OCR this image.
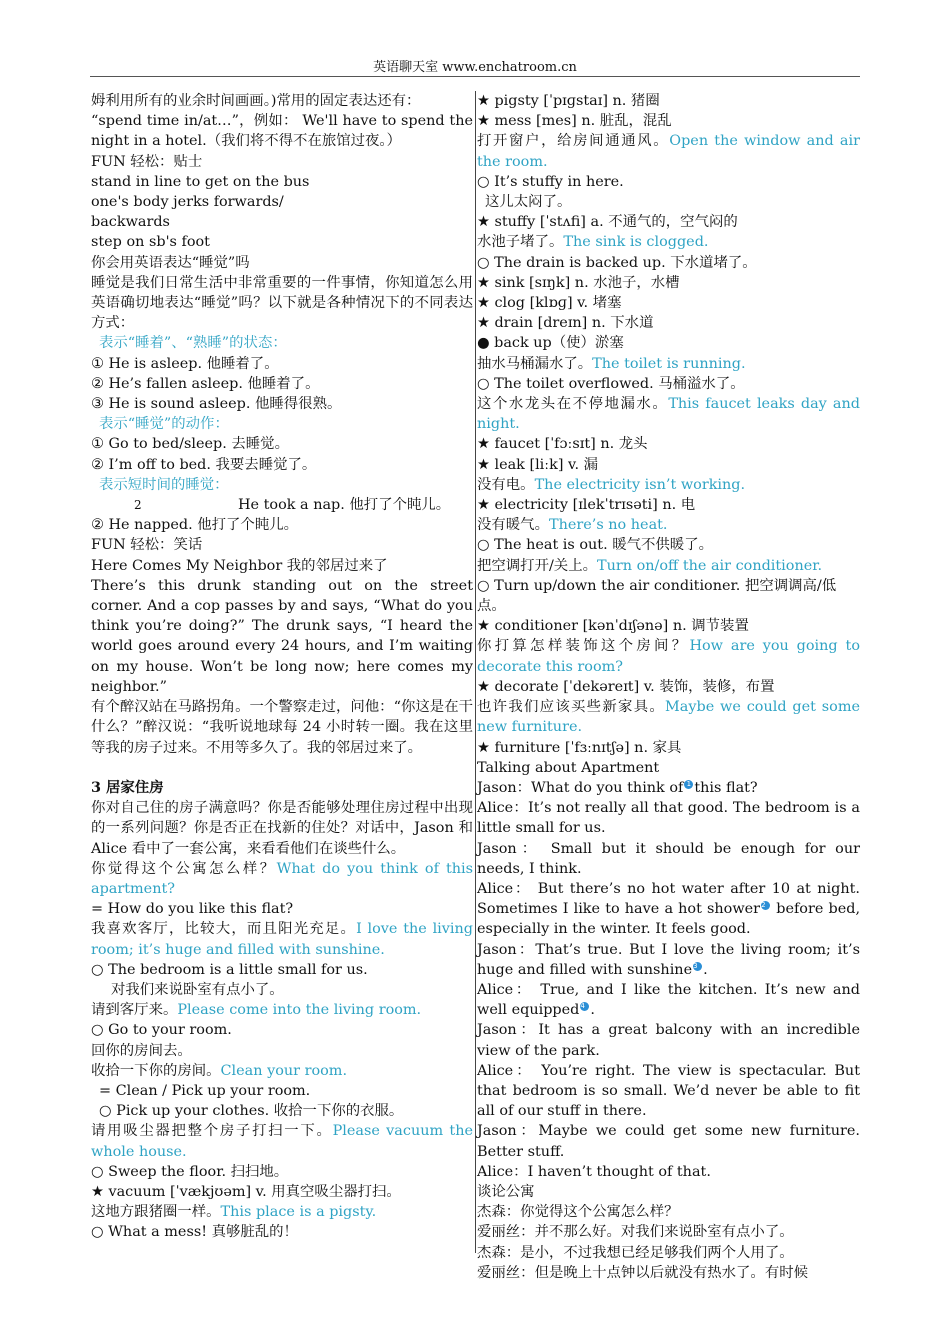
英语聊天室 www.enchatroom.cn

姆利用所有的业余时间画画。)常用的固定表达还有：

“spend time in/at…”，例如： We'll have to spend the night in a hotel.（我们将不得不在旅馆过夜。）

FUN 轻松：贴士

stand in line to get on the bus

one's body jerks forwards/

backwards

step on sb's foot

你会用英语表达“睡觉”吗

睡觉是我们日常生活中非常重要的一件事情，你知道怎么用英语确切地表达“睡觉”吗？以下就是各种情况下的不同表达方式：

表示“睡着”、“熟睡”的状态：

① He is asleep. 他睡着了。

② He’s fallen asleep. 他睡着了。

③ He is sound asleep. 他睡得很熟。

表示“睡觉”的动作：

① Go to bed/sleep. 去睡觉。

② I’m off to bed. 我要去睡觉了。

表示短时间的睡觉：

2	He took a nap. 他打了个盹儿。

② He napped. 他打了个盹儿。

FUN 轻松：笑话

Here Comes My Neighbor 我的邻居过来了

There’s this drunk standing out on the street corner. And a cop passes by and says, “What do you think you’re doing?” The drunk says, “I heard the world goes around every 24 hours, and I’m waiting on my house. Won’t be long now; here comes my neighbor.”

有个醉汉站在马路拐角。一个警察走过，问他：“你这是在干什么？”醉汉说：“我听说地球每 24 小时转一圈。我在这里等我的房子过来。不用等多久了。我的邻居过来了。

3 居家住房

你对自己住的房子满意吗？你是否能够处理住房过程中出现的一系列问题？你是否正在找新的住处？对话中，Jason 和 Alice 看中了一套公寓，来看看他们在谈些什么。

你觉得这个公寓怎么样？What do you think of this apartment?

= How do you like this flat?

我喜欢客厅，比较大，而且阳光充足。I love the living room; it’s huge and filled with sunshine.

○ The bedroom is a little small for us.

对我们来说卧室有点小了。

请到客厅来。Please come into the living room.

○ Go to your room.

回你的房间去。

收拾一下你的房间。Clean your room.

= Clean / Pick up your room.

○ Pick up your clothes. 收拾一下你的衣服。

请用吸尘器把整个房子打扫一下。Please vacuum the whole house.

○ Sweep the floor. 扫扫地。

★ vacuum [ˈvækjʊəm] v. 用真空吸尘器打扫。

这地方跟猪圈一样。This place is a pigsty.

○ What a mess! 真够脏乱的！

★ pigsty [ˈpɪɡstaɪ] n. 猪圈

★ mess [mes] n. 脏乱，混乱

打开窗户，给房间通通风。Open the window and air the room.

○ It’s stuffy in here.

这儿太闷了。

★ stuffy [ˈstʌfi] a. 不通气的，空气闷的

水池子堵了。The sink is clogged.

○ The drain is backed up. 下水道堵了。

★ sink [sɪŋk] n. 水池子，水槽

★ clog [klɒɡ] v. 堵塞

★ drain [dreɪn] n. 下水道

● back up（使）淤塞

抽水马桶漏水了。The toilet is running.

○ The toilet overflowed. 马桶溢水了。

这个水龙头在不停地漏水。This faucet leaks day and night.

★ faucet [ˈfɔːsɪt] n. 龙头

★ leak [liːk] v. 漏

没有电。The electricity isn’t working.

★ electricity [ɪlekˈtrɪsəti] n. 电

没有暖气。There’s no heat.

○ The heat is out. 暖气不供暖了。

把空调打开/关上。Turn on/off the air conditioner.

○ Turn up/down the air conditioner. 把空调调高/低点。

★ conditioner [kənˈdɪʃənə] n. 调节装置

你打算怎样装饰这个房间？How are you going to decorate this room?

★ decorate [ˈdekəreɪt] v. 装饰，装修，布置

也许我们应该买些新家具。Maybe we could get some new furniture.

★ furniture [ˈfɜːnɪtʃə] n. 家具

Talking about Apartment

Jason：What do you think of 1 this flat?

Alice：It’s not really all that good. The bedroom is a little small for us.

Jason： Small but it should be enough for our needs, I think.

Alice： But there’s no hot water after 10 at night. Sometimes I like to have a hot shower2 before bed, especially in the winter. It feels good.

Jason：That’s true. But I love the living room; it’s huge and filled with sunshine3 .

Alice： True, and I like the kitchen. It’s new and well equipped4 .

Jason：It has a great balcony with an incredible view of the park.

Alice： You’re right. The view is spectacular. But that bedroom is so small. We’d never be able to fit all of our stuff in there.

Jason：Maybe we could get some new furniture. Better stuff.

Alice：I haven’t thought of that.

谈论公寓

杰森：你觉得这个公寓怎么样？

爱丽丝：并不那么好。对我们来说卧室有点小了。

杰森：是小，不过我想已经足够我们两个人用了。

爱丽丝：但是晚上十点钟以后就没有热水了。有时候
